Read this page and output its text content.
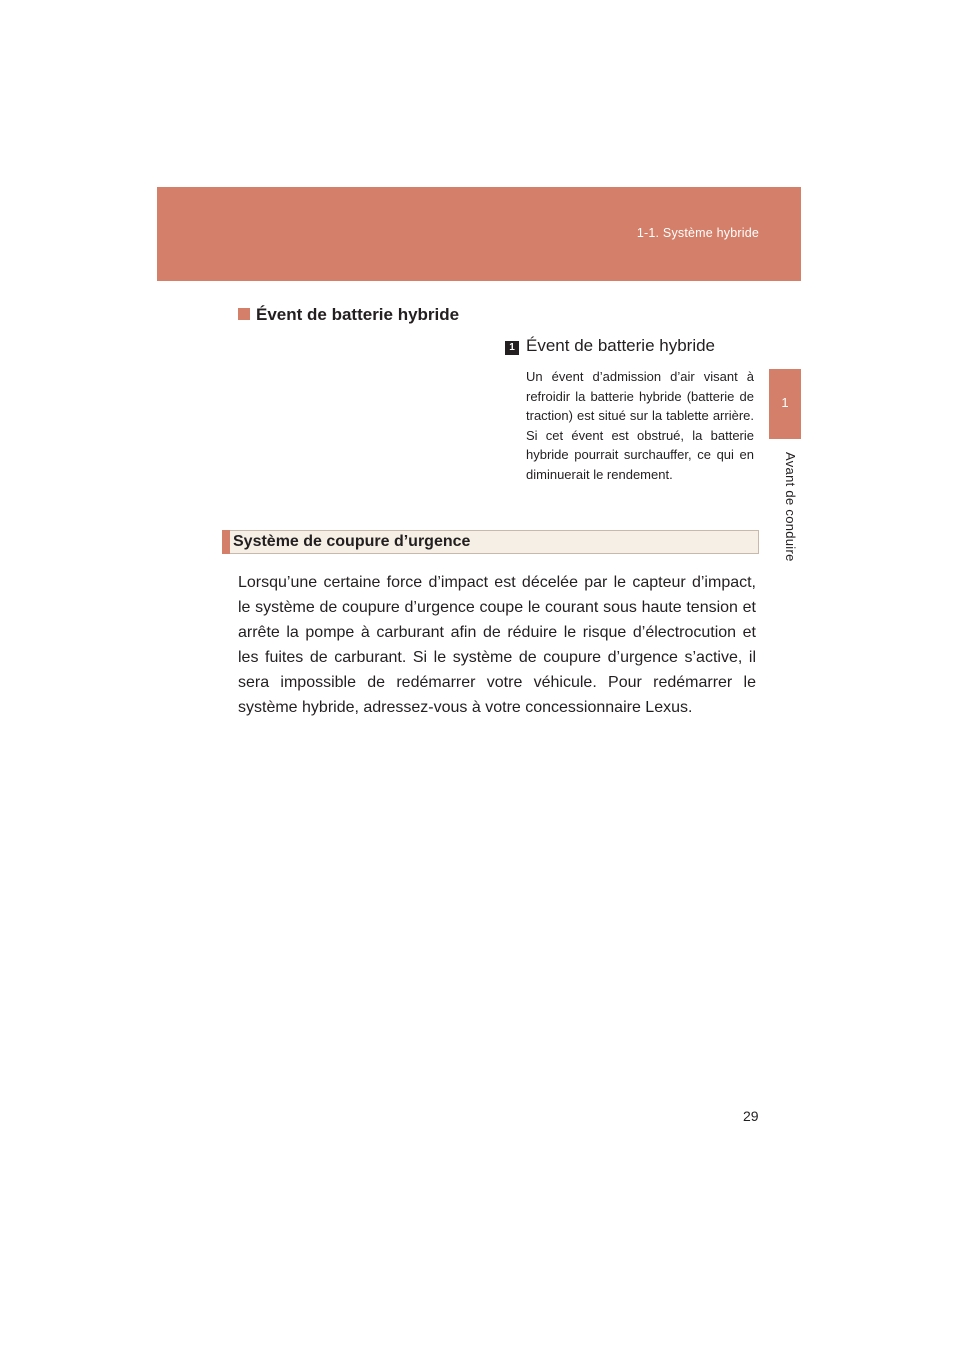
1-1. Système hybride
1
Avant de conduire
Évent de batterie hybride
1 Évent de batterie hybride

Un évent d’admission d’air visant à refroidir la batterie hybride (batterie de traction) est situé sur la tablette arrière. Si cet évent est obstrué, la batterie hybride pourrait surchauffer, ce qui en diminuerait le rendement.

Système de coupure d’urgence

Lorsqu’une certaine force d’impact est décelée par le capteur d’impact, le système de coupure d’urgence coupe le courant sous haute tension et arrête la pompe à carburant afin de réduire le risque d’électrocution et les fuites de carburant. Si le système de coupure d’urgence s’active, il sera impossible de redémarrer votre véhicule. Pour redémarrer le système hybride, adressez-vous à votre concessionnaire Lexus.

29
